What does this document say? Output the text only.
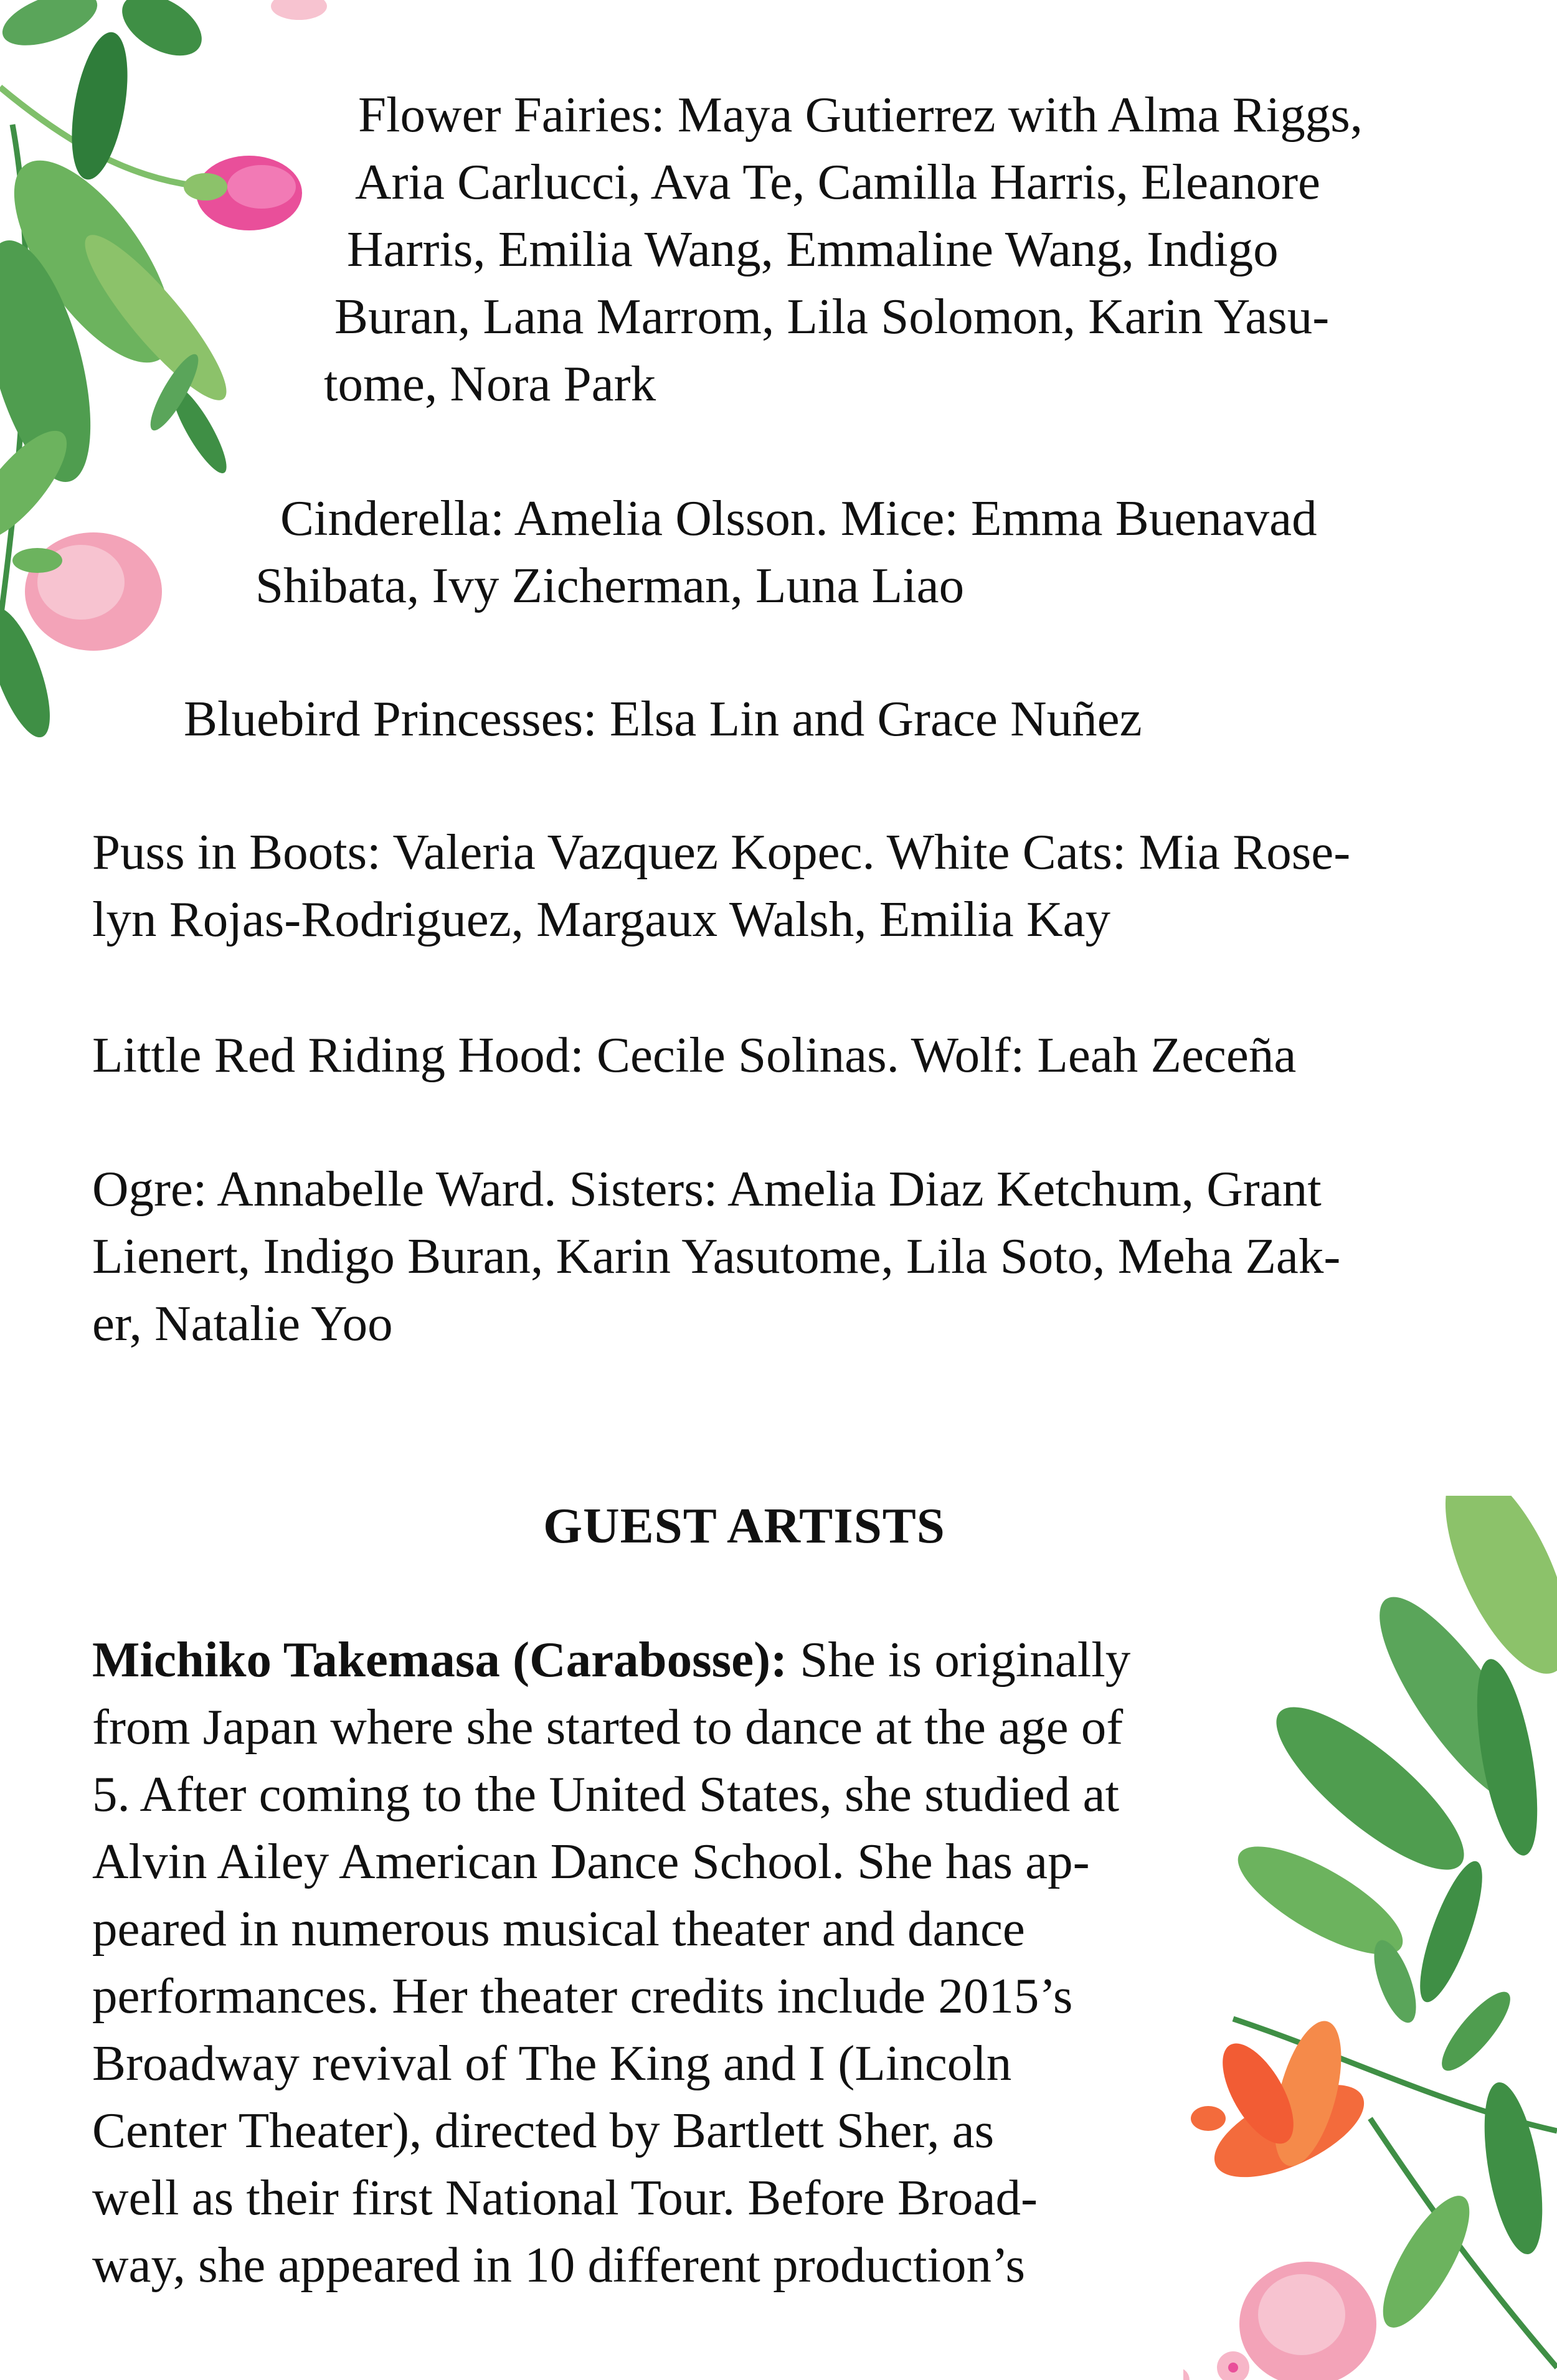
Flower Fairies: Maya Gutierrez with Alma Riggs,
Aria Carlucci, Ava Te, Camilla Harris, Eleanore
Harris, Emilia Wang, Emmaline Wang, Indigo
Buran, Lana Marrom, Lila Solomon, Karin Yasu-
tome, Nora Park

Cinderella: Amelia Olsson. Mice: Emma Buenavad
Shibata, Ivy Zicherman, Luna Liao

Bluebird Princesses: Elsa Lin and Grace Nuñez

Puss in Boots: Valeria Vazquez Kopec. White Cats: Mia Rose-
lyn Rojas-Rodriguez, Margaux Walsh, Emilia Kay

Little Red Riding Hood: Cecile Solinas. Wolf: Leah Zeceña

Ogre: Annabelle Ward. Sisters: Amelia Diaz Ketchum, Grant
Lienert, Indigo Buran, Karin Yasutome, Lila Soto, Meha Zak-
er, Natalie Yoo

GUEST ARTISTS

Michiko Takemasa (Carabosse): She is originally
from Japan where she started to dance at the age of
5. After coming to the United States, she studied at
Alvin Ailey American Dance School. She has ap-
peared in numerous musical theater and dance
performances. Her theater credits include 2015’s
Broadway revival of The King and I (Lincoln
Center Theater), directed by Bartlett Sher, as
well as their first National Tour. Before Broad-
way, she appeared in 10 different production’s
